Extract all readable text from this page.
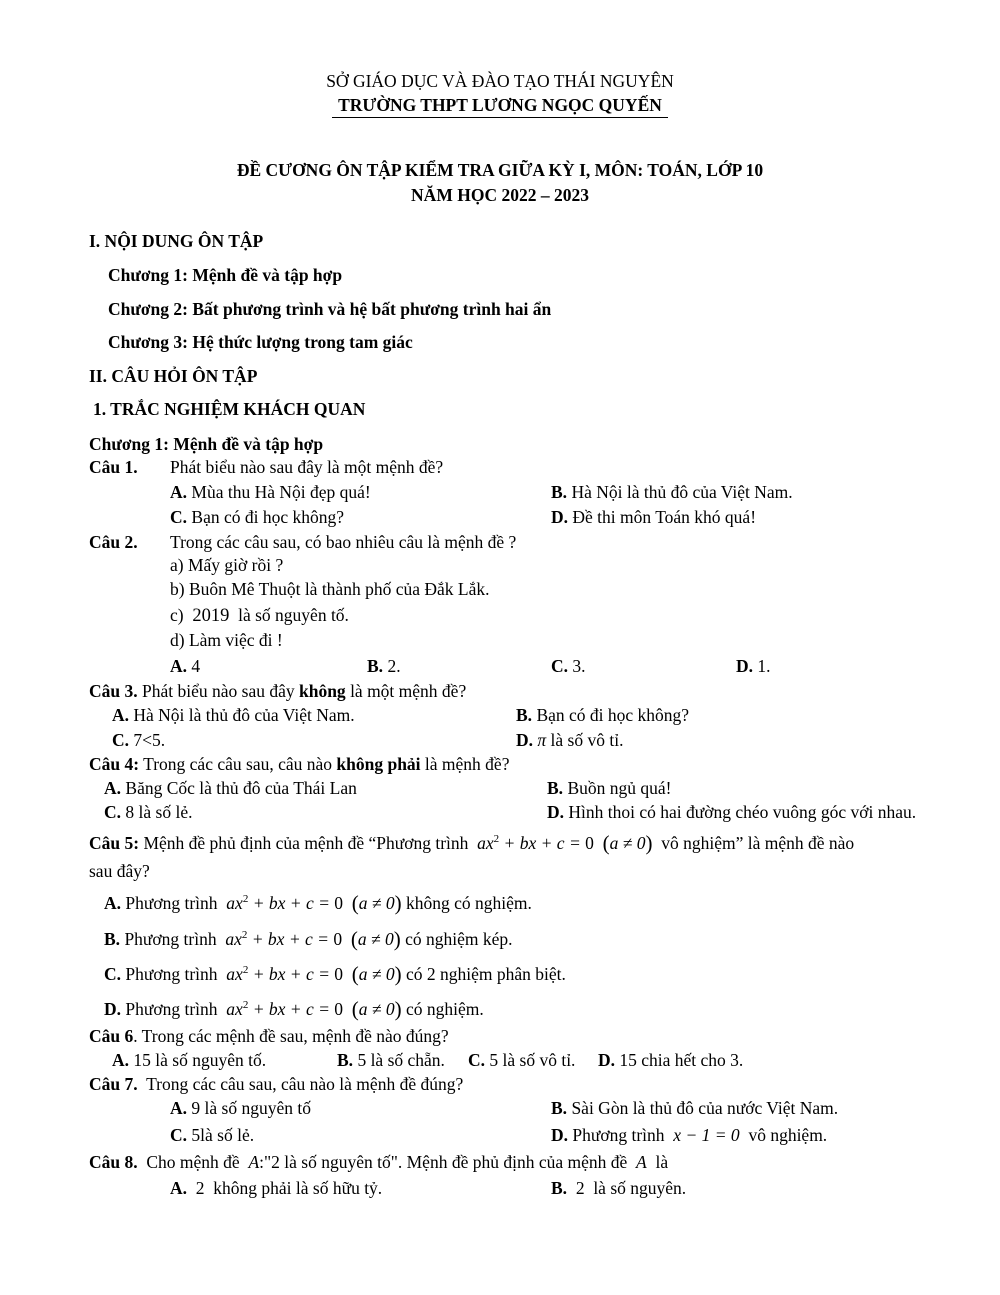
SỞ GIÁO DỤC VÀ ĐÀO TẠO THÁI NGUYÊN
TRƯỜNG THPT LƯƠNG NGỌC QUYẾN
ĐỀ CƯƠNG ÔN TẬP KIỂM TRA GIỮA KỲ I, MÔN: TOÁN, LỚP 10
NĂM HỌC 2022 – 2023
I. NỘI DUNG ÔN TẬP
Chương 1: Mệnh đề và tập hợp
Chương 2: Bất phương trình và hệ bất phương trình hai ẩn
Chương 3: Hệ thức lượng trong tam giác
II. CÂU HỎI ÔN TẬP
1. TRẮC NGHIỆM KHÁCH QUAN
Chương 1: Mệnh đề và tập hợp
Câu 1. Phát biểu nào sau đây là một mệnh đề?
A. Mùa thu Hà Nội đẹp quá!	B. Hà Nội là thủ đô của Việt Nam.
C. Bạn có đi học không?	D. Đề thi môn Toán khó quá!
Câu 2. Trong các câu sau, có bao nhiêu câu là mệnh đề ?
a) Mấy giờ rồi ?
b) Buôn Mê Thuột là thành phố của Đắk Lắk.
c) 2019 là số nguyên tố.
d) Làm việc đi !
A. 4	B. 2.	C. 3.	D. 1.
Câu 3. Phát biểu nào sau đây không là một mệnh đề?
A. Hà Nội là thủ đô của Việt Nam.	B. Bạn có đi học không?
C. 7<5.	D. π là số vô tỉ.
Câu 4: Trong các câu sau, câu nào không phải là mệnh đề?
A. Băng Cốc là thủ đô của Thái Lan	B. Buồn ngủ quá!
C. 8 là số lẻ.	D. Hình thoi có hai đường chéo vuông góc với nhau.
Câu 5: Mệnh đề phủ định của mệnh đề “Phương trình $ax^2$ + bx + c = 0 (a ≠ 0) vô nghiệm” là mệnh đề nào
sau đây?
A. Phương trình $ax^2$ + bx + c = 0 (a ≠ 0) không có nghiệm.
B. Phương trình $ax^2$ + bx + c = 0 (a ≠ 0) có nghiệm kép.
C. Phương trình $ax^2$ + bx + c = 0 (a ≠ 0) có 2 nghiệm phân biệt.
D. Phương trình $ax^2$ + bx + c = 0 (a ≠ 0) có nghiệm.
Câu 6. Trong các mệnh đề sau, mệnh đề nào đúng?
A. 15 là số nguyên tố.	B. 5 là số chẵn. C. 5 là số vô tỉ. D. 15 chia hết cho 3.
Câu 7. Trong các câu sau, câu nào là mệnh đề đúng?
A. 9 là số nguyên tố	B. Sài Gòn là thủ đô của nước Việt Nam.
C. 5là số lẻ.	D. Phương trình x − 1 = 0 vô nghiệm.
Câu 8. Cho mệnh đề A:"2 là số nguyên tố". Mệnh đề phủ định của mệnh đề A là
A. 2 không phải là số hữu tỷ.	B. 2 là số nguyên.
